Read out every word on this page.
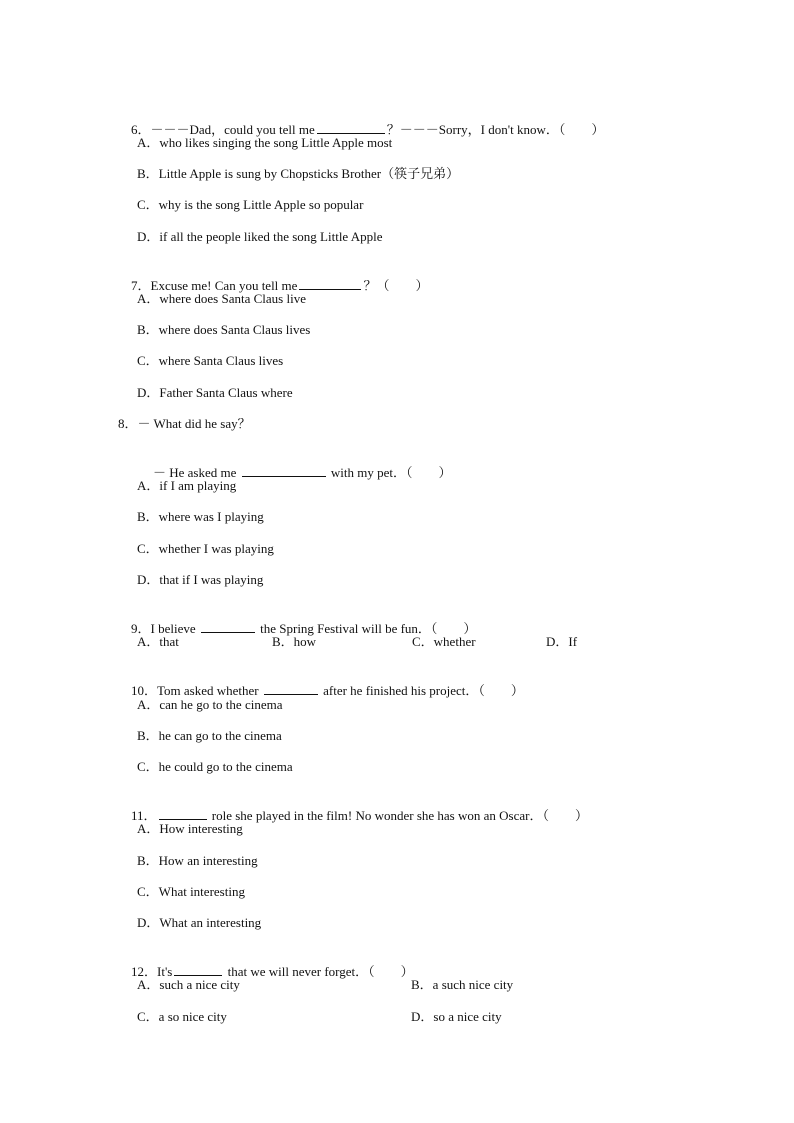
6．－－－Dad，could you tell me	？－－－Sorry，I don't know．（　　）

A．who likes singing the song Little Apple most
B．Little Apple is sung by Chopsticks Brother（筷子兄弟）
C．why is the song Little Apple so popular
D．if all the people liked the song Little Apple

7．Excuse me! Can you tell me	？（　　）

A．where does Santa Claus live
B．where does Santa Claus lives
C．where Santa Claus lives
D．Father Santa Claus where
8．－ What did he say？

－ He asked me	with my pet．（　　）

A．if I am playing
B．where was I playing
C．whether I was playing
D．that if I was playing

9．I believe	the Spring Festival will be fun．（　　）

A．that	B．how	C．whether	D．If

10．Tom asked whether	after he finished his project．（　　）

A．can he go to the cinema
B．he can go to the cinema
C．he could go to the cinema

11．	role she played in the film! No wonder she has won an Oscar．（　　）

A．How interesting
B．How an interesting
C．What interesting
D．What an interesting

12．It's	that we will never forget．（　　）

A．such a nice city	B．a such nice city
C．a so nice city	D．so a nice city
